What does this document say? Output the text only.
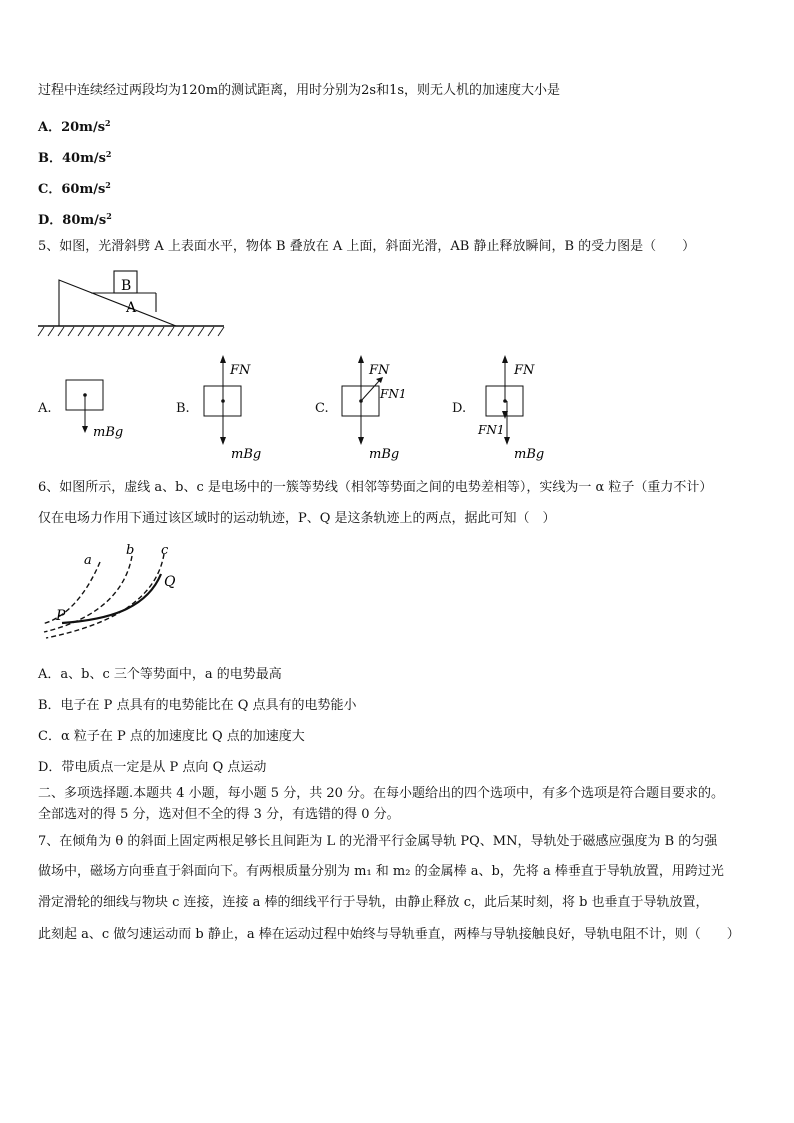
过程中连续经过两段均为120m的测试距离，用时分别为2s和1s，则无人机的加速度大小是
A．$20m/s^2$
B．$40m/s^2$
C．$60m/s^2$
D．$80m/s^2$
5、如图，光滑斜劈 A 上表面水平，物体 B 叠放在 A 上面，斜面光滑，AB 静止释放瞬间，B 的受力图是（　　）
B
A
A.
mBg
B.
FN
mBg
C.
FN
FN1
mBg
D.
FN
FN1
mBg
6、如图所示，虚线 a、b、c 是电场中的一簇等势线（相邻等势面之间的电势差相等），实线为一 α 粒子（重力不计）
仅在电场力作用下通过该区域时的运动轨迹，P、Q 是这条轨迹上的两点，据此可知（　）
a
b c
P
Q
A．a、b、c 三个等势面中，a 的电势最高
B．电子在 P 点具有的电势能比在 Q 点具有的电势能小
C．α 粒子在 P 点的加速度比 Q 点的加速度大
D．带电质点一定是从 P 点向 Q 点运动
二、多项选择题.本题共 4 小题，每小题 5 分，共 20 分。在每小题给出的四个选项中，有多个选项是符合题目要求的。
全部选对的得 5 分，选对但不全的得 3 分，有选错的得 0 分。
7、在倾角为 θ 的斜面上固定两根足够长且间距为 L 的光滑平行金属导轨 PQ、MN，导轨处于磁感应强度为 B 的匀强
做场中，磁场方向垂直于斜面向下。有两根质量分别为 m₁ 和 m₂ 的金属棒 a、b，先将 a 棒垂直于导轨放置，用跨过光
滑定滑轮的细线与物块 c 连接，连接 a 棒的细线平行于导轨，由静止释放 c，此后某时刻，将 b 也垂直于导轨放置，
此刻起 a、c 做匀速运动而 b 静止，a 棒在运动过程中始终与导轨垂直，两棒与导轨接触良好，导轨电阻不计，则（　　）
